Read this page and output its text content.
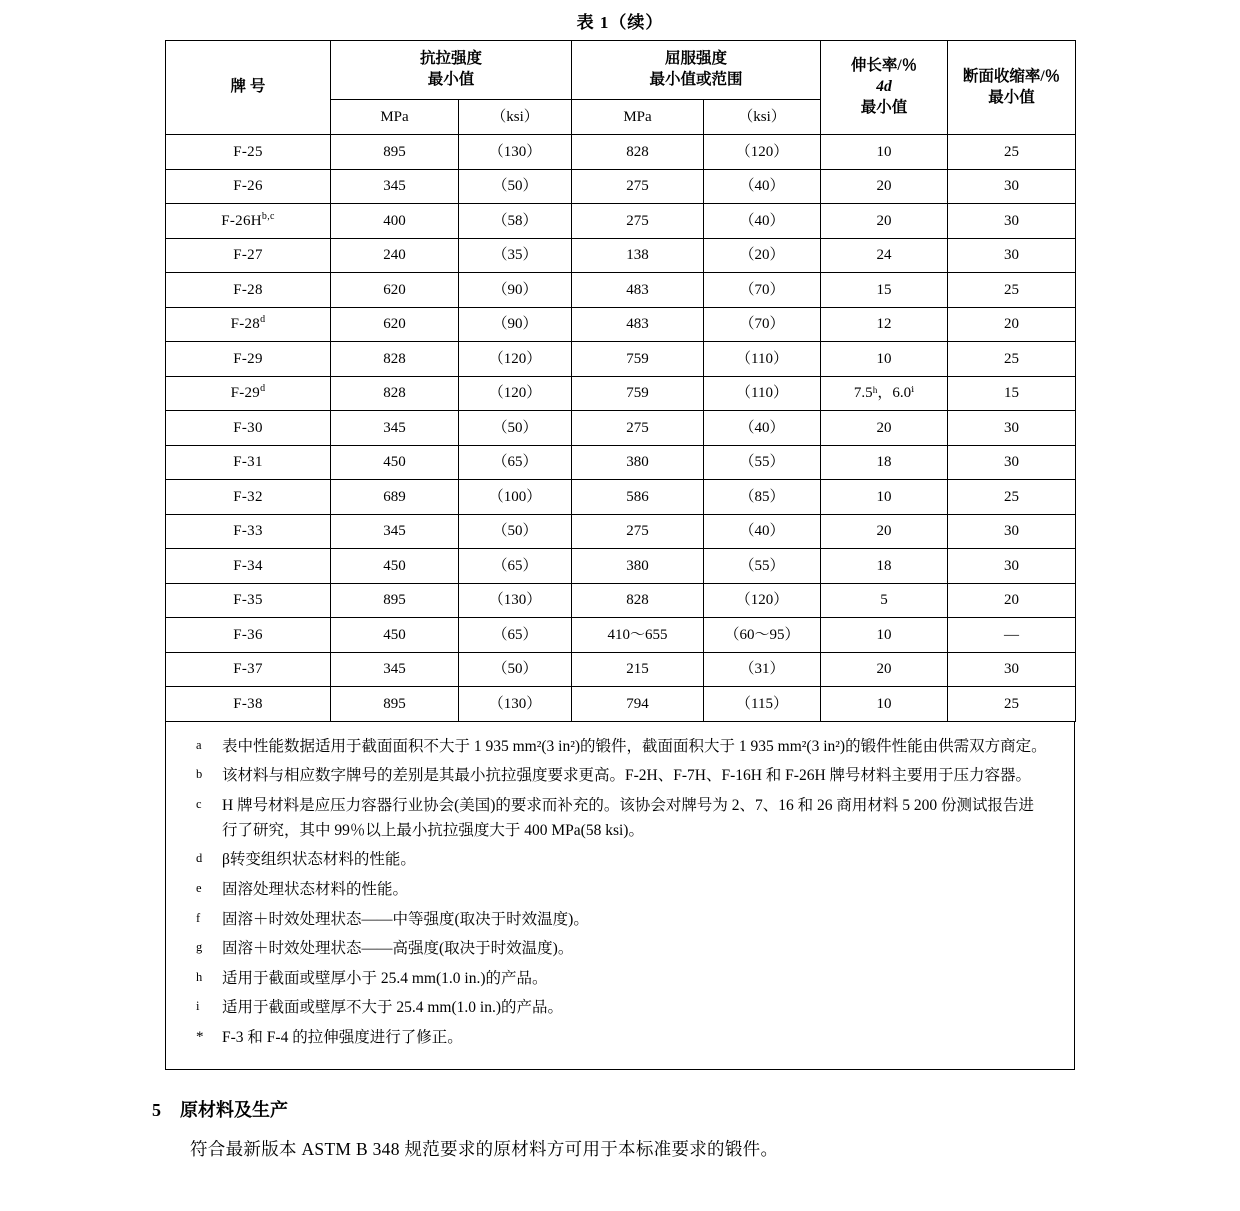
表 1（续）
牌 号	
抗拉强度
最小值

屈服强度
最小值或范围

伸长率/％
4d
最小值

断面收缩率/％
最小值

	MPa	（ksi）	MPa	（ksi）		
F-25	895	（130）	828	（120）	10	25
F-26	345	（50）	275	（40）	20	30
$F-26H^{b,c}$	400	（58）	275	（40）	20	30
F-27	240	（35）	138	（20）	24	30
F-28	620	（90）	483	（70）	15	25
F-28$^d$	620	（90）	483	（70）	12	20
F-29	828	（120）	759	（110）	10	25
F-29$^d$	828	（120）	759	（110）	7.5ʰ，6.0ⁱ	15
F-30	345	（50）	275	（40）	20	30
F-31	450	（65）	380	（55）	18	30
F-32	689	（100）	586	（85）	10	25
F-33	345	（50）	275	（40）	20	30
F-34	450	（65）	380	（55）	18	30
F-35	895	（130）	828	（120）	5	20
F-36	450	（65）	410～655	（60～95）	10	—
F-37	345	（50）	215	（31）	20	30
F-38	895	（130）	794	（115）	10	25
a	表中性能数据适用于截面面积不大于 1 935 mm²(3 in²)的锻件，截面面积大于 1 935 mm²(3 in²)的锻件性能由供需双方商定。
b	该材料与相应数字牌号的差别是其最小抗拉强度要求更高。F-2H、F-7H、F-16H 和 F-26H 牌号材料主要用于压力容器。
c	H 牌号材料是应压力容器行业协会(美国)的要求而补充的。该协会对牌号为 2、7、16 和 26 商用材料 5 200 份测试报告进行了研究，其中 99％以上最小抗拉强度大于 400 MPa(58 ksi)。
d	β转变组织状态材料的性能。
e	固溶处理状态材料的性能。
f	固溶＋时效处理状态——中等强度(取决于时效温度)。
g	固溶＋时效处理状态——高强度(取决于时效温度)。
h	适用于截面或壁厚小于 25.4 mm(1.0 in.)的产品。
i	适用于截面或壁厚不大于 25.4 mm(1.0 in.)的产品。
*	F-3 和 F-4 的拉伸强度进行了修正。
5 原材料及生产
符合最新版本 ASTM B 348 规范要求的原材料方可用于本标准要求的锻件。
